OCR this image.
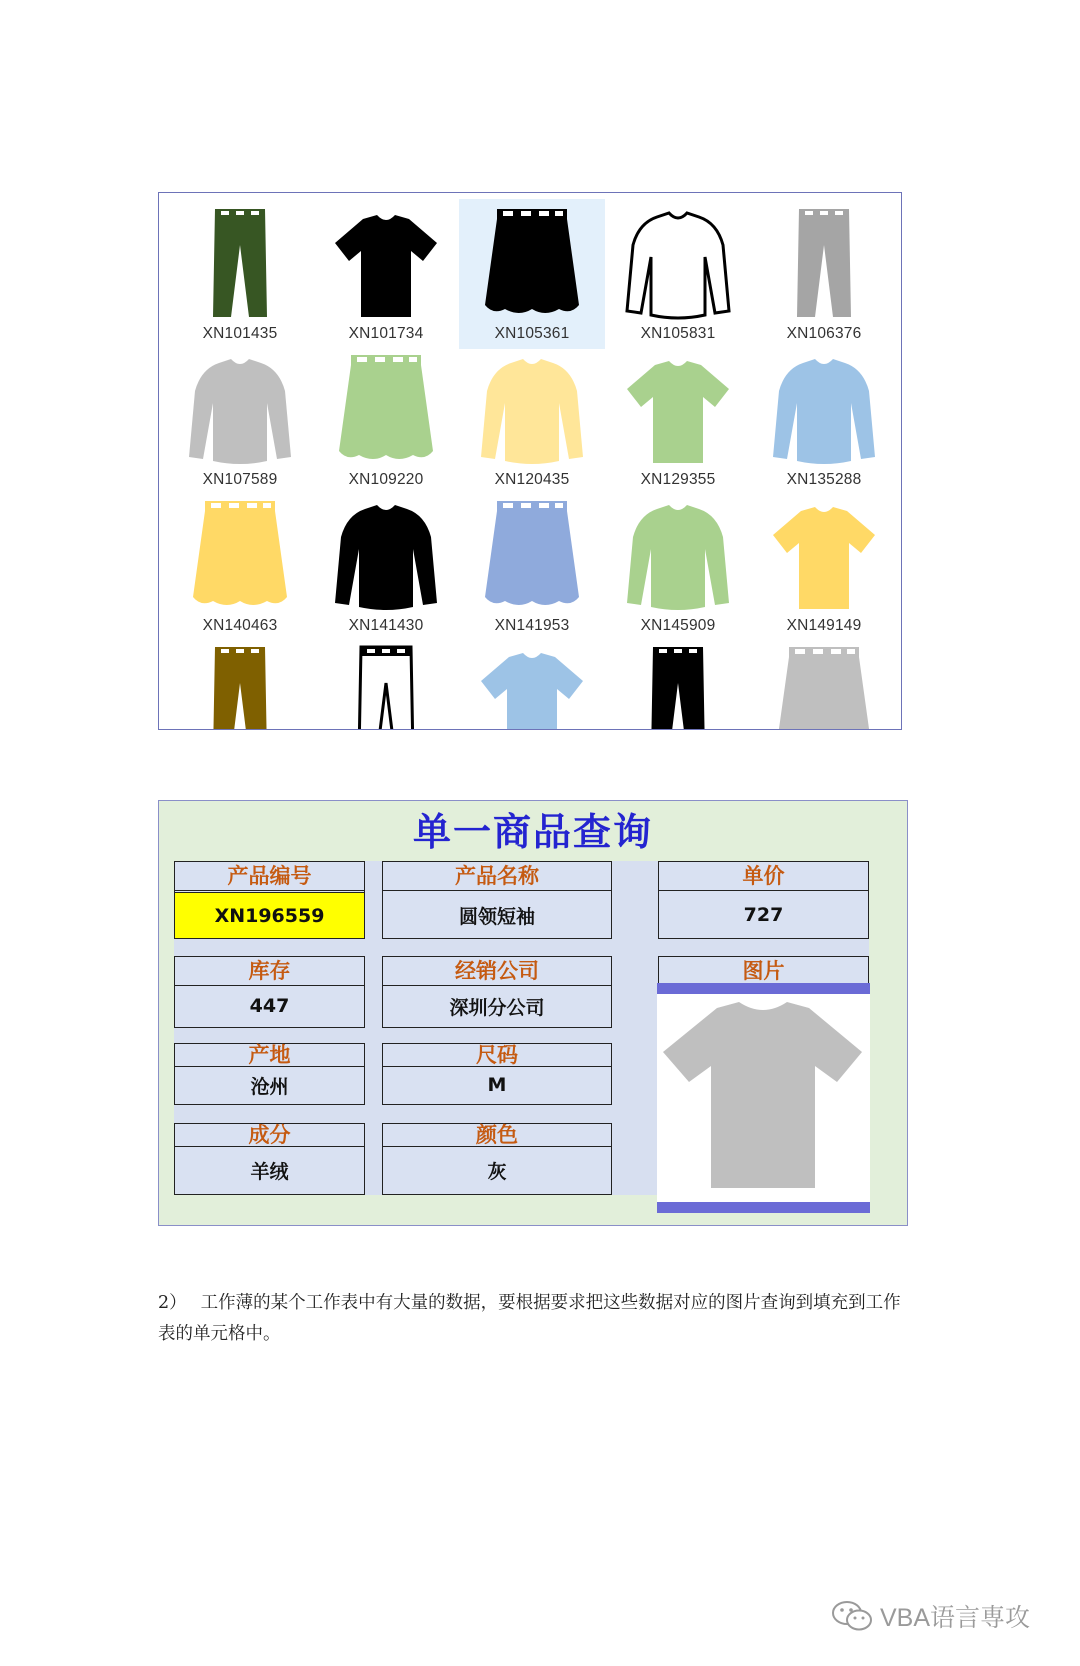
XN101435	XN101734	XN105361	XN105831	XN106376
XN107589	XN109220	XN120435	XN129355	XN135288
XN140463	XN141430	XN141953	XN145909	XN149149
单一商品查询
产品编号
XN196559
产品名称
圆领短袖
单价
727
库存
447
经销公司
深圳分公司
产地
沧州
尺码
M
成分
羊绒
颜色
灰
图片
2） 工作薄的某个工作表中有大量的数据，要根据要求把这些数据对应的图片查询到填充到工作表的单元格中。
VBA语言専攻
